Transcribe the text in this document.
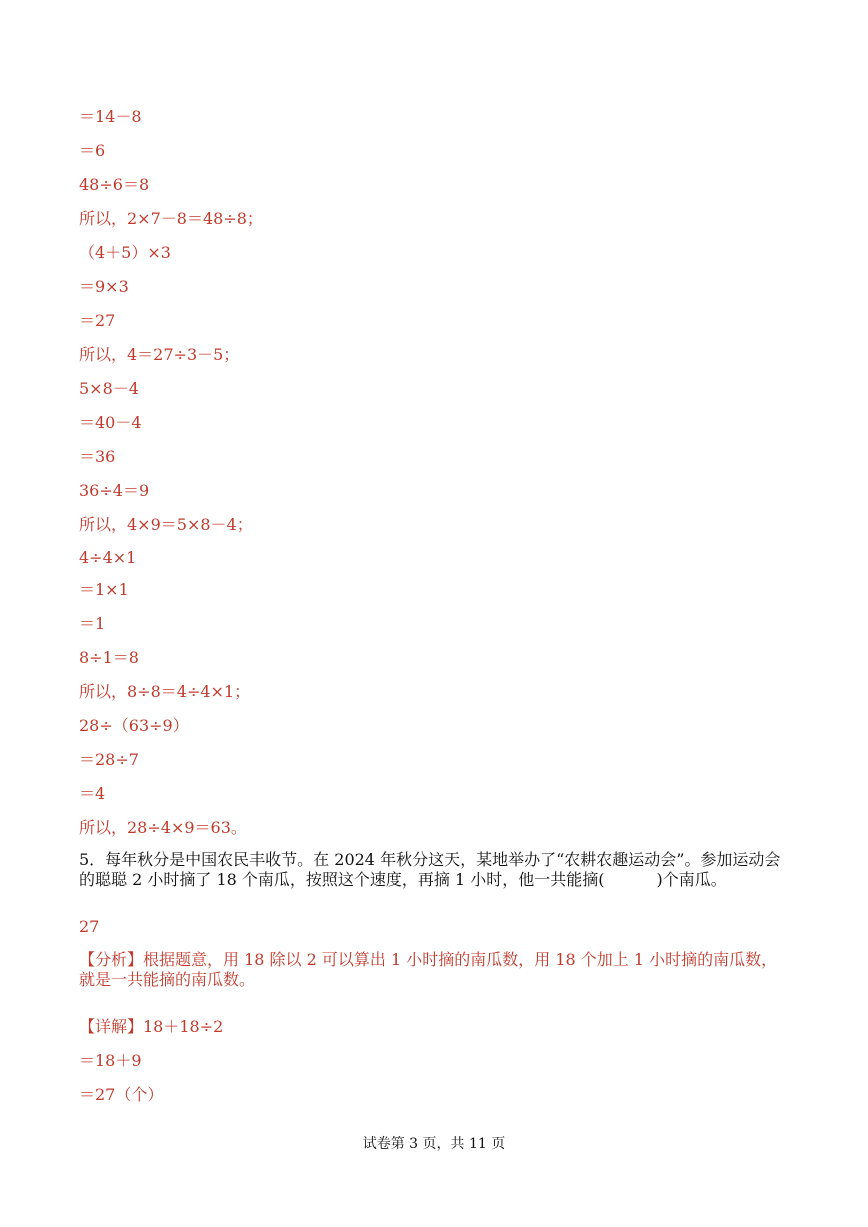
＝14－8
＝6
48÷6＝8
所以，2×7－8＝48÷8；
（4＋5）×3
＝9×3
＝27
所以，4＝27÷3－5；
5×8－4
＝40－4
＝36
36÷4＝9
所以，4×9＝5×8－4；
4÷4×1
＝1×1
＝1
8÷1＝8
所以，8÷8＝4÷4×1；
28÷（63÷9）
＝28÷7
＝4
所以，28÷4×9＝63。
5．每年秋分是中国农民丰收节。在 2024 年秋分这天，某地举办了“农耕农趣运动会”。参加运动会的聪聪 2 小时摘了 18 个南瓜，按照这个速度，再摘 1 小时，他一共能摘(	)个南瓜。
27
【分析】根据题意，用 18 除以 2 可以算出 1 小时摘的南瓜数，用 18 个加上 1 小时摘的南瓜数，就是一共能摘的南瓜数。
【详解】18＋18÷2
＝18＋9
＝27（个）
试卷第 3 页，共 11 页
